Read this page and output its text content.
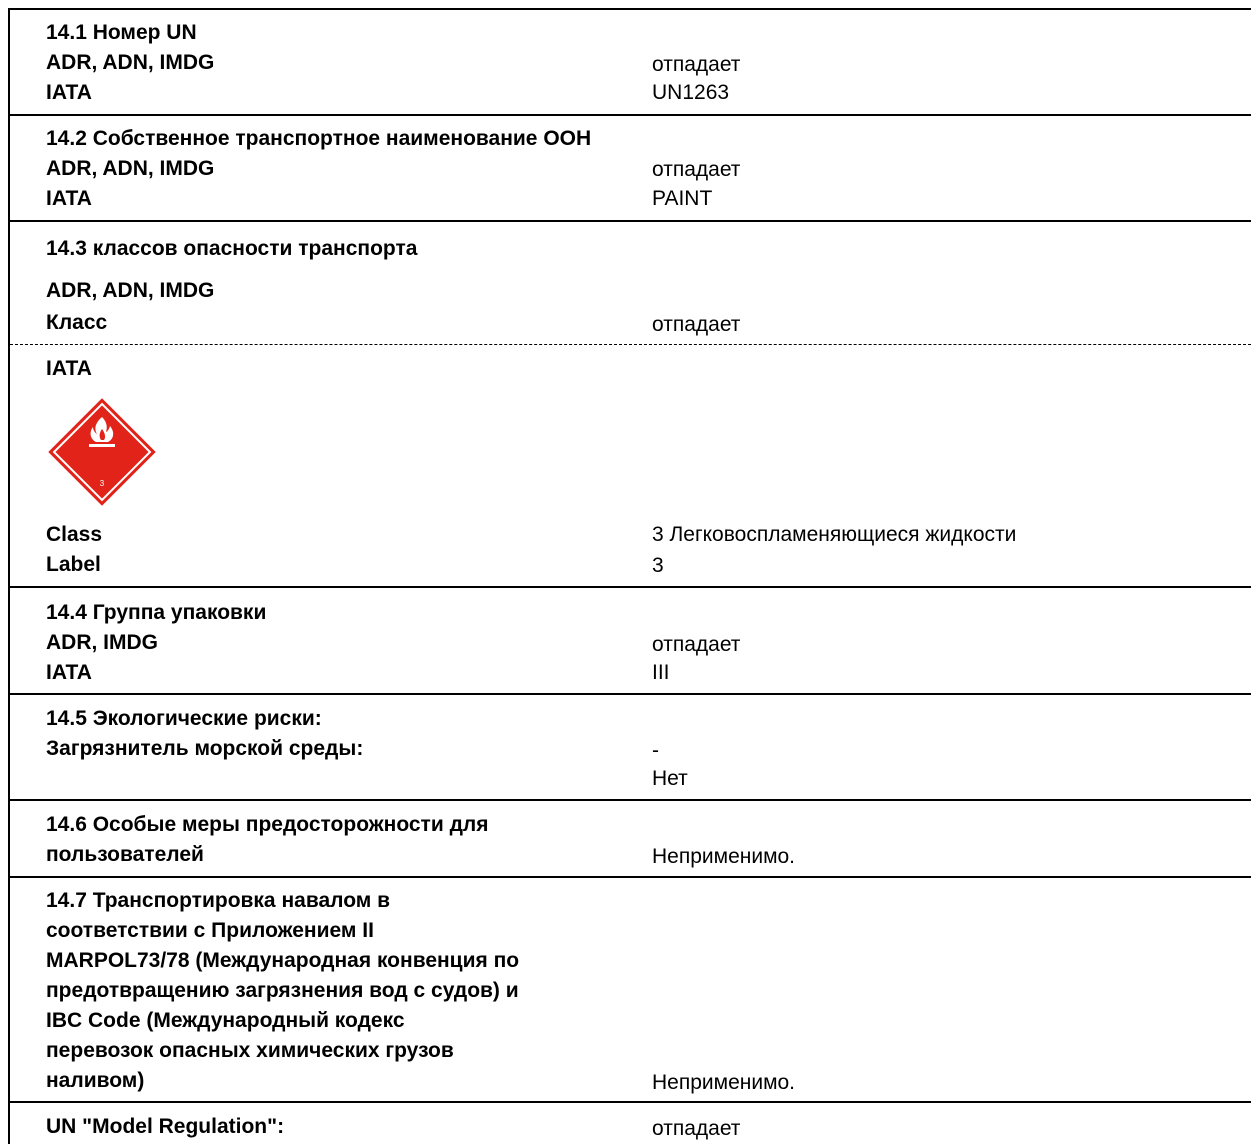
14.1 Номер UN
ADR, ADN, IMDG	отпадает
IATA	UN1263
14.2 Собственное транспортное наименование ООН
ADR, ADN, IMDG	отпадает
IATA	PAINT
14.3 классов опасности транспорта
ADR, ADN, IMDG
Класс	отпадает
IATA
3
Class	3 Легковоспламеняющиеся жидкости
Label	3
14.4 Группа упаковки
ADR, IMDG	отпадает
IATA	III
14.5 Экологические риски:
Загрязнитель морской среды:	-
Нет
14.6 Особые меры предосторожности для
пользователей	Неприменимо.
14.7 Транспортировка навалом в
соответствии с Приложением II
MARPOL73/78 (Международная конвенция по
предотвращению загрязнения вод с судов) и
IBC Code (Международный кодекс
перевозок опасных химических грузов
наливом)	Неприменимо.
UN "Model Regulation":	отпадает
